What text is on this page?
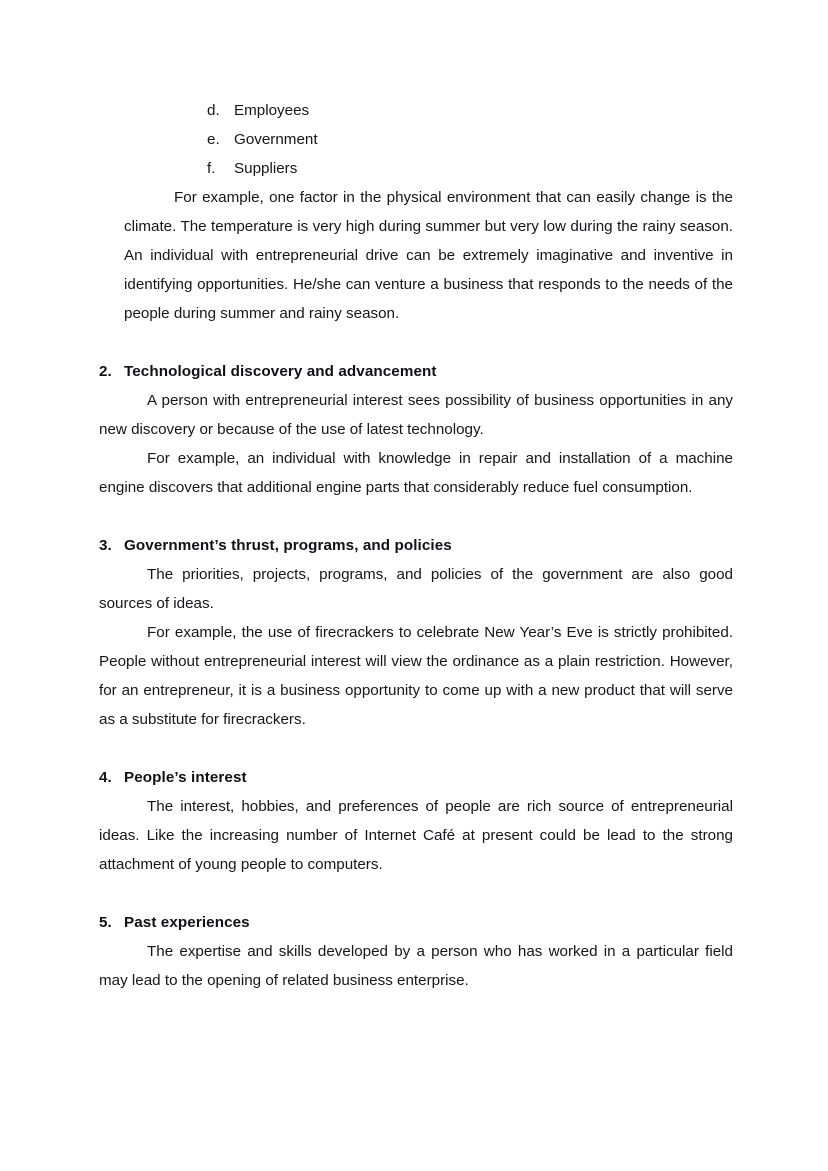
d. Employees
e. Government
f.	Suppliers

For example, one factor in the physical environment that can easily change is the climate. The temperature is very high during summer but very low during the rainy season. An individual with entrepreneurial drive can be extremely imaginative and inventive in identifying opportunities. He/she can venture a business that responds to the needs of the people during summer and rainy season.

2. Technological discovery and advancement

A person with entrepreneurial interest sees possibility of business opportunities in any new discovery or because of the use of latest technology.

For example, an individual with knowledge in repair and installation of a machine engine discovers that additional engine parts that considerably reduce fuel consumption.

3. Government’s thrust, programs, and policies

The priorities, projects, programs, and policies of the government are also good sources of ideas.

For example, the use of firecrackers to celebrate New Year’s Eve is strictly prohibited. People without entrepreneurial interest will view the ordinance as a plain restriction. However, for an entrepreneur, it is a business opportunity to come up with a new product that will serve as a substitute for firecrackers.

4. People’s interest

The interest, hobbies, and preferences of people are rich source of entrepreneurial ideas. Like the increasing number of Internet Café at present could be lead to the strong attachment of young people to computers.

5. Past experiences

The expertise and skills developed by a person who has worked in a particular field may lead to the opening of related business enterprise.
